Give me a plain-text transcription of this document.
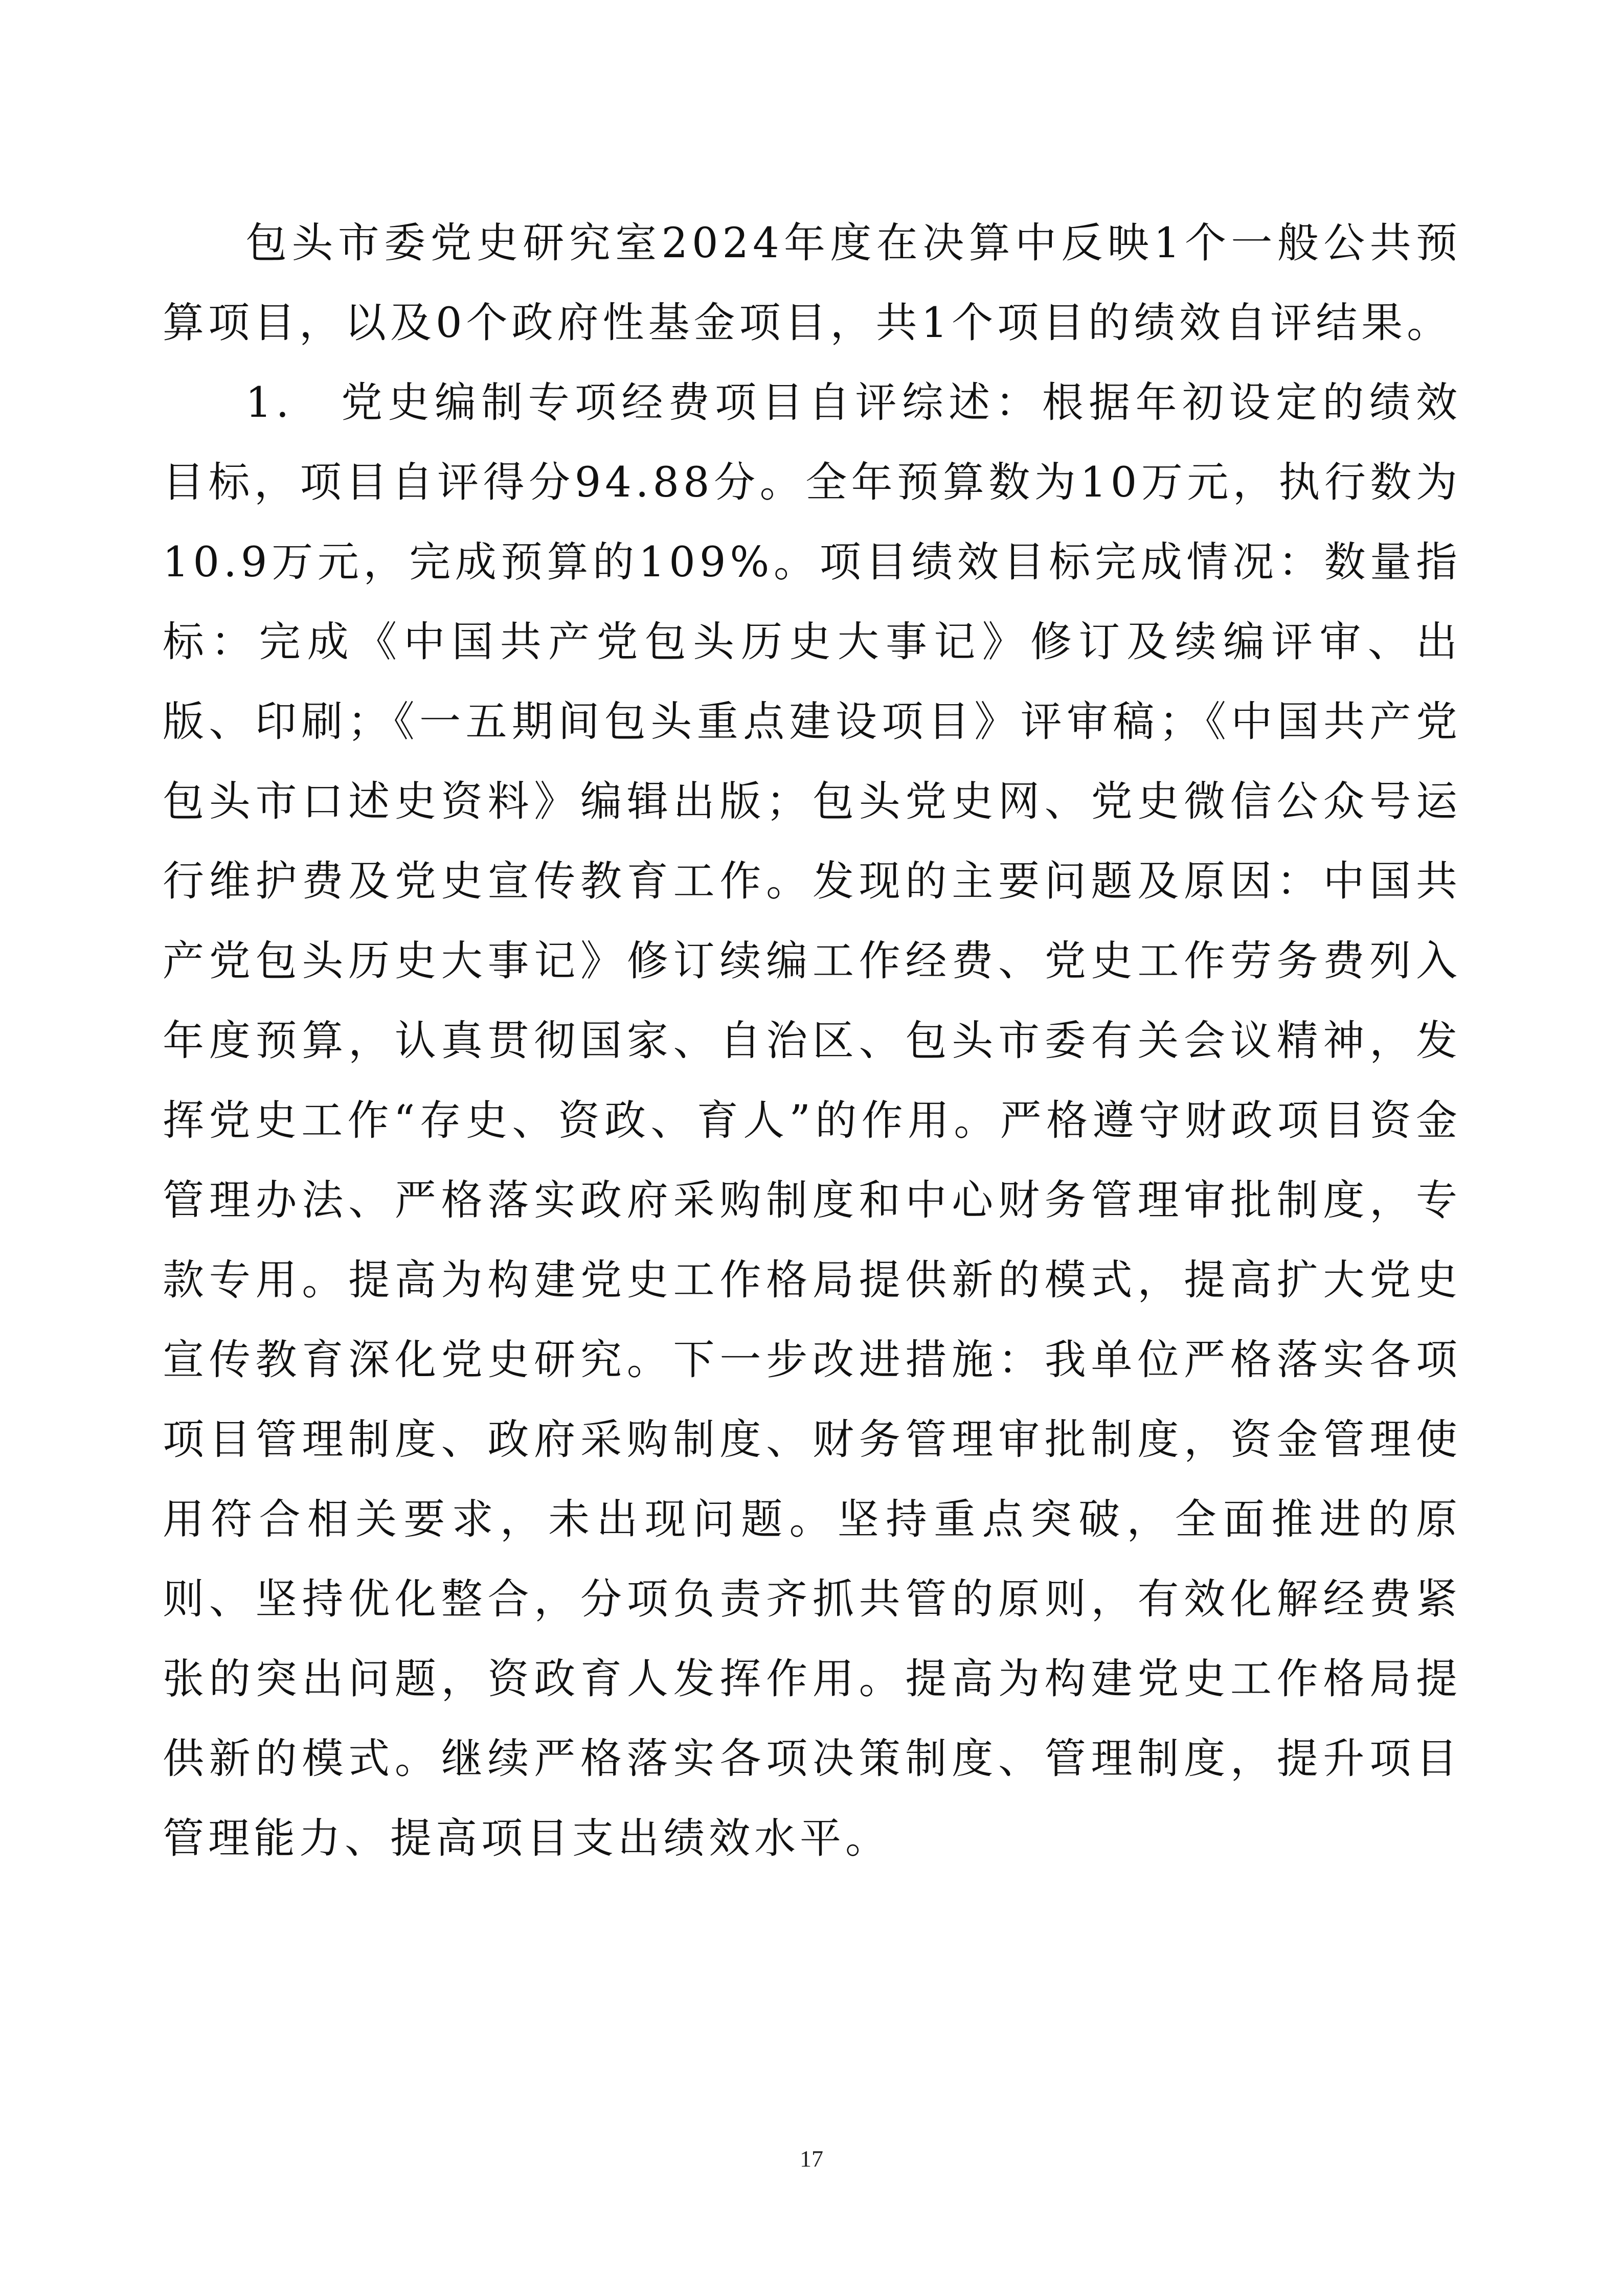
包头市委党史研究室2024年度在决算中反映1个一般公共预算项目，以及0个政府性基金项目，共1个项目的绩效自评结果。

1.　党史编制专项经费项目自评综述：根据年初设定的绩效目标，项目自评得分94.88分。全年预算数为10万元，执行数为10.9万元，完成预算的109%。项目绩效目标完成情况：数量指标：完成《中国共产党包头历史大事记》修订及续编评审、出版、印刷；《一五期间包头重点建设项目》评审稿；《中国共产党包头市口述史资料》编辑出版；包头党史网、党史微信公众号运行维护费及党史宣传教育工作。发现的主要问题及原因：中国共产党包头历史大事记》修订续编工作经费、党史工作劳务费列入年度预算，认真贯彻国家、自治区、包头市委有关会议精神，发挥党史工作“存史、资政、育人”的作用。严格遵守财政项目资金管理办法、严格落实政府采购制度和中心财务管理审批制度，专款专用。提高为构建党史工作格局提供新的模式，提高扩大党史宣传教育深化党史研究。下一步改进措施：我单位严格落实各项项目管理制度、政府采购制度、财务管理审批制度，资金管理使用符合相关要求，未出现问题。坚持重点突破，全面推进的原则、坚持优化整合，分项负责齐抓共管的原则，有效化解经费紧张的突出问题，资政育人发挥作用。提高为构建党史工作格局提供新的模式。继续严格落实各项决策制度、管理制度，提升项目管理能力、提高项目支出绩效水平。

17
